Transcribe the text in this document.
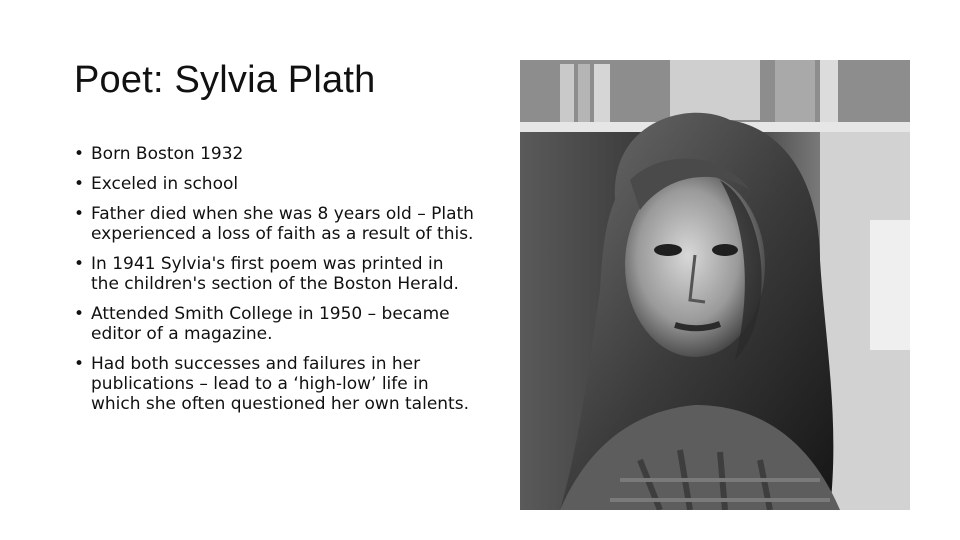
Poet: Sylvia Plath
• Born Boston 1932
• Exceled in school
• Father died when she was 8 years old – Plath experienced a loss of faith as a result of this.
• In 1941 Sylvia's first poem was printed in the children's section of the Boston Herald.
• Attended Smith College in 1950 – became editor of a magazine.
• Had both successes and failures in her publications – lead to a ‘high-low’ life in which she often questioned her own talents.
